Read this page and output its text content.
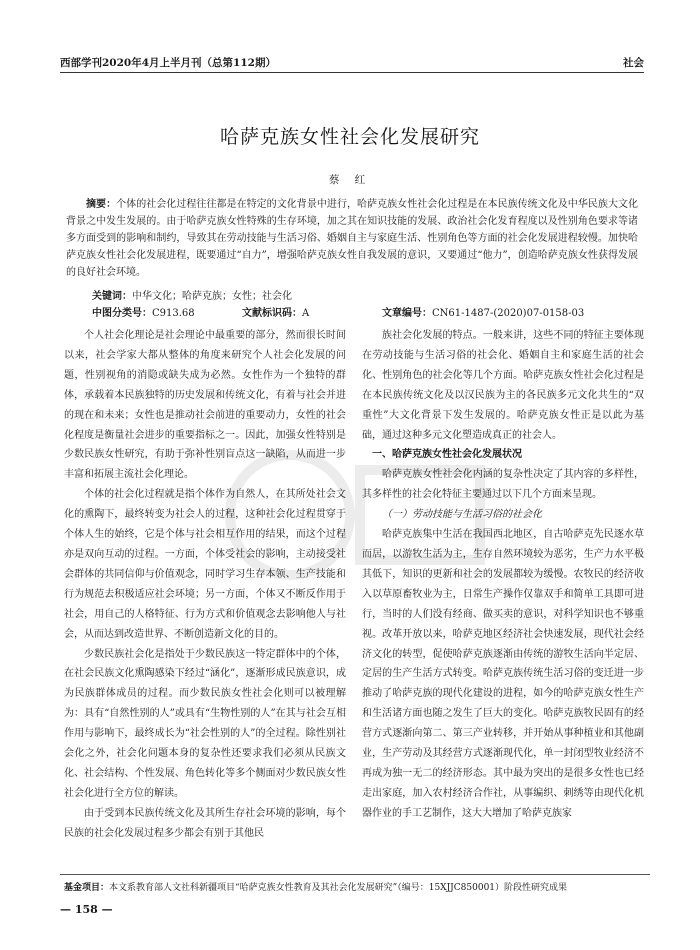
西部学刊2020年4月上半月刊（总第112期）	社会
哈萨克族女性社会化发展研究
蔡 红
摘要：个体的社会化过程往往都是在特定的文化背景中进行，哈萨克族女性社会化过程是在本民族传统文化及中华民族大文化背景之中发生发展的。由于哈萨克族女性特殊的生存环境，加之其在知识技能的发展、政治社会化发育程度以及性别角色要求等诸多方面受到的影响和制约，导致其在劳动技能与生活习俗、婚姻自主与家庭生活、性别角色等方面的社会化发展进程较慢。加快哈萨克族女性社会化发展进程，既要通过“自力”，增强哈萨克族女性自我发展的意识，又要通过“他力”，创造哈萨克族女性获得发展的良好社会环境。
关键词：中华文化；哈萨克族；女性；社会化
中图分类号：C913.68	文献标识码：A	文章编号：CN61-1487-(2020)07-0158-03

个人社会化理论是社会理论中最重要的部分，然而很长时间以来，社会学家大都从整体的角度来研究个人社会化发展的问题，性别视角的消隐或缺失成为必然。女性作为一个独特的群体，承载着本民族独特的历史发展和传统文化，有着与社会并进的现在和未来；女性也是推动社会前进的重要动力，女性的社会化程度是衡量社会进步的重要指标之一。因此，加强女性特别是少数民族女性研究，有助于弥补性别盲点这一缺陷，从而进一步丰富和拓展主流社会化理论。

个体的社会化过程就是指个体作为自然人，在其所处社会文化的熏陶下，最终转变为社会人的过程，这种社会化过程贯穿于个体人生的始终，它是个体与社会相互作用的结果，而这个过程亦是双向互动的过程。一方面，个体受社会的影响，主动接受社会群体的共同信仰与价值观念，同时学习生存本领、生产技能和行为规范去积极适应社会环境；另一方面，个体又不断反作用于社会，用自己的人格特征、行为方式和价值观念去影响他人与社会，从而达到改造世界、不断创造新文化的目的。

少数民族社会化是指处于少数民族这一特定群体中的个体，在社会民族文化熏陶感染下经过“涵化”，逐渐形成民族意识，成为民族群体成员的过程。而少数民族女性社会化则可以被理解为：具有“自然性别的人”或具有“生物性别的人”在其与社会互相作用与影响下，最终成长为“社会性别的人”的全过程。除性别社会化之外，社会化问题本身的复杂性还要求我们必须从民族文化、社会结构、个性发展、角色转化等多个侧面对少数民族女性社会化进行全方位的解读。

由于受到本民族传统文化及其所生存社会环境的影响，每个民族的社会化发展过程多少都会有别于其他民

族社会化发展的特点。一般来讲，这些不同的特征主要体现在劳动技能与生活习俗的社会化、婚姻自主和家庭生活的社会化、性别角色的社会化等几个方面。哈萨克族女性社会化过程是在本民族传统文化及以汉民族为主的各民族多元文化共生的“双重性”大文化背景下发生发展的。哈萨克族女性正是以此为基础，通过这种多元文化塑造成真正的社会人。

一、哈萨克族女性社会化发展状况

哈萨克族女性社会化内涵的复杂性决定了其内容的多样性，其多样性的社会化特征主要通过以下几个方面来呈现。

（一）劳动技能与生活习俗的社会化

哈萨克族集中生活在我国西北地区，自古哈萨克先民逐水草而居，以游牧生活为主，生存自然环境较为恶劣，生产力水平极其低下，知识的更新和社会的发展都较为缓慢。农牧民的经济收入以草原畜牧业为主，日常生产操作仅靠双手和简单工具即可进行，当时的人们没有经商、做买卖的意识，对科学知识也不够重视。改革开放以来，哈萨克地区经济社会快速发展，现代社会经济文化的转型，促使哈萨克族逐渐由传统的游牧生活向半定居、定居的生产生活方式转变。哈萨克族传统生活习俗的变迁进一步推动了哈萨克族的现代化建设的进程，如今的哈萨克族女性生产和生活诸方面也随之发生了巨大的变化。哈萨克族牧民固有的经营方式逐渐向第二、第三产业转移，并开始从事种植业和其他副业，生产劳动及其经营方式逐渐现代化，单一封闭型牧业经济不再成为独一无二的经济形态。其中最为突出的是很多女性也已经走出家庭，加入农村经济合作社，从事编织、刺绣等由现代化机器作业的手工艺制作，这大大增加了哈萨克族家

基金项目：本文系教育部人文社科新疆项目“哈萨克族女性教育及其社会化发展研究”（编号：15XJJC850001）阶段性研究成果
— 158 —
